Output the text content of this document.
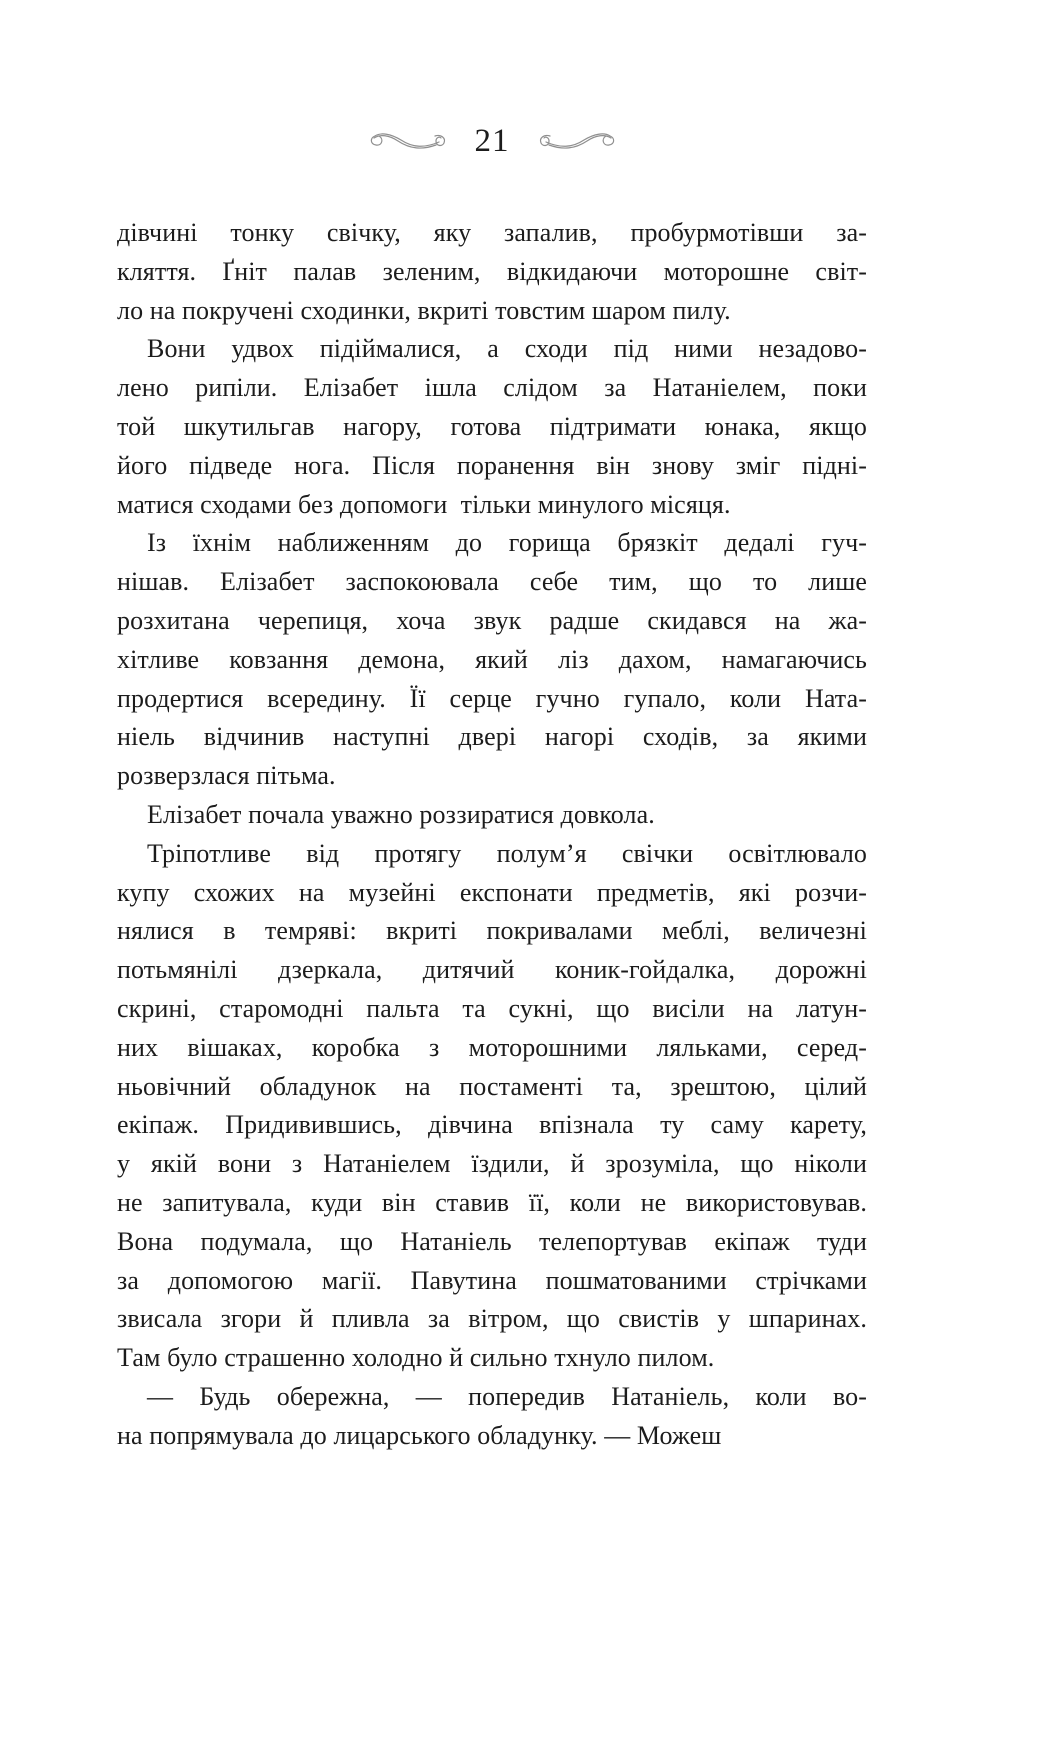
21
дівчині тонку свічку, яку запалив, пробурмотівши за-
кляття. Ґніт палав зеленим, відкидаючи моторошне світ-
ло на покручені сходинки, вкриті товстим шаром пилу.
Вони удвох підіймалися, а сходи під ними незадово-
лено рипіли. Елізабет ішла слідом за Натаніелем, поки
той шкутильгав нагору, готова підтримати юнака, якщо
його підведе нога. Після поранення він знову зміг підні-
матися сходами без допомоги  тільки минулого місяця.
Із їхнім наближенням до горища брязкіт дедалі гуч-
нішав. Елізабет заспокоювала себе тим, що то лише
розхитана черепиця, хоча звук радше скидався на жа-
хітливе ковзання демона, який ліз дахом, намагаючись
продертися всередину. Її серце гучно гупало, коли Ната-
ніель відчинив наступні двері нагорі сходів, за якими
розверзлася пітьма.
Елізабет почала уважно роззиратися довкола.
Тріпотливе від протягу полум’я свічки освітлювало
купу схожих на музейні експонати предметів, які розчи-
нялися в темряві: вкриті покривалами меблі, величезні
потьмянілі дзеркала, дитячий коник-гойдалка, дорожні
скрині, старомодні пальта та сукні, що висіли на латун-
них вішаках, коробка з моторошними ляльками, серед-
ньовічний обладунок на постаменті та, зрештою, цілий
екіпаж. Придивившись, дівчина впізнала ту саму карету,
у якій вони з Натаніелем їздили, й зрозуміла, що ніколи
не запитувала, куди він ставив її, коли не використовував.
Вона подумала, що Натаніель телепортував екіпаж туди
за допомогою магії. Павутина пошматованими стрічками
звисала згори й пливла за вітром, що свистів у шпаринах.
Там було страшенно холодно й сильно тхнуло пилом.
— Будь обережна, — попередив Натаніель, коли во-
на попрямувала до лицарського обладунку. — Можеш
